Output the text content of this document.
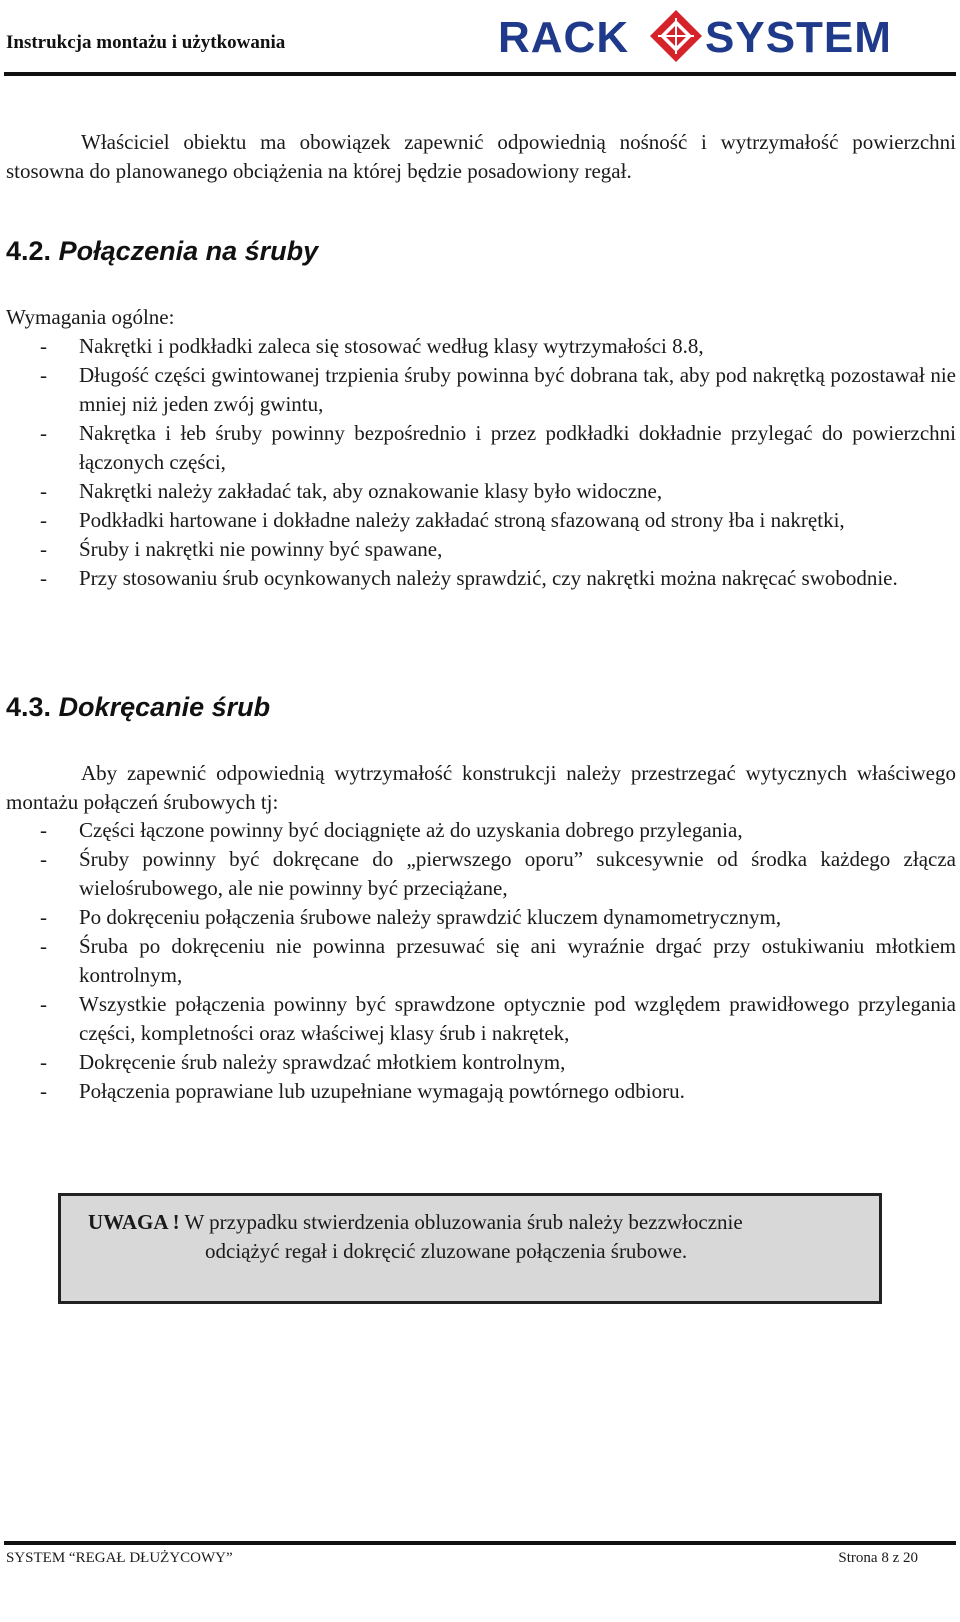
Instrukcja montażu i użytkowania	RACK SYSTEM
Właściciel obiektu ma obowiązek zapewnić odpowiednią nośność i wytrzymałość powierzchni stosowna do planowanego obciążenia na której będzie posadowiony regał.
4.2. Połączenia na śruby
Wymagania ogólne:
- Nakrętki i podkładki zaleca się stosować według klasy wytrzymałości 8.8,
- Długość części gwintowanej trzpienia śruby powinna być dobrana tak, aby pod nakrętką pozostawał nie mniej niż jeden zwój gwintu,
- Nakrętka i łeb śruby powinny bezpośrednio i przez podkładki dokładnie przylegać do powierzchni łączonych części,
- Nakrętki należy zakładać tak, aby oznakowanie klasy było widoczne,
- Podkładki hartowane i dokładne należy zakładać stroną sfazowaną od strony łba i nakrętki,
- Śruby i nakrętki nie powinny być spawane,
- Przy stosowaniu śrub ocynkowanych należy sprawdzić, czy nakrętki można nakręcać swobodnie.
4.3. Dokręcanie śrub
Aby zapewnić odpowiednią wytrzymałość konstrukcji należy przestrzegać wytycznych właściwego montażu połączeń śrubowych tj:
- Części łączone powinny być dociągnięte aż do uzyskania dobrego przylegania,
- Śruby powinny być dokręcane do „pierwszego oporu” sukcesywnie od środka każdego złącza wielośrubowego, ale nie powinny być przeciążane,
- Po dokręceniu połączenia śrubowe należy sprawdzić kluczem dynamometrycznym,
- Śruba po dokręceniu nie powinna przesuwać się ani wyraźnie drgać przy ostukiwaniu młotkiem kontrolnym,
- Wszystkie połączenia powinny być sprawdzone optycznie pod względem prawidłowego przylegania części, kompletności oraz właściwej klasy śrub i nakrętek,
- Dokręcenie śrub należy sprawdzać młotkiem kontrolnym,
- Połączenia poprawiane lub uzupełniane wymagają powtórnego odbioru.
UWAGA ! W przypadku stwierdzenia obluzowania śrub należy bezzwłocznie
odciążyć regał i dokręcić zluzowane połączenia śrubowe.
SYSTEM “REGAŁ DŁUŻYCOWY”	Strona 8 z 20
